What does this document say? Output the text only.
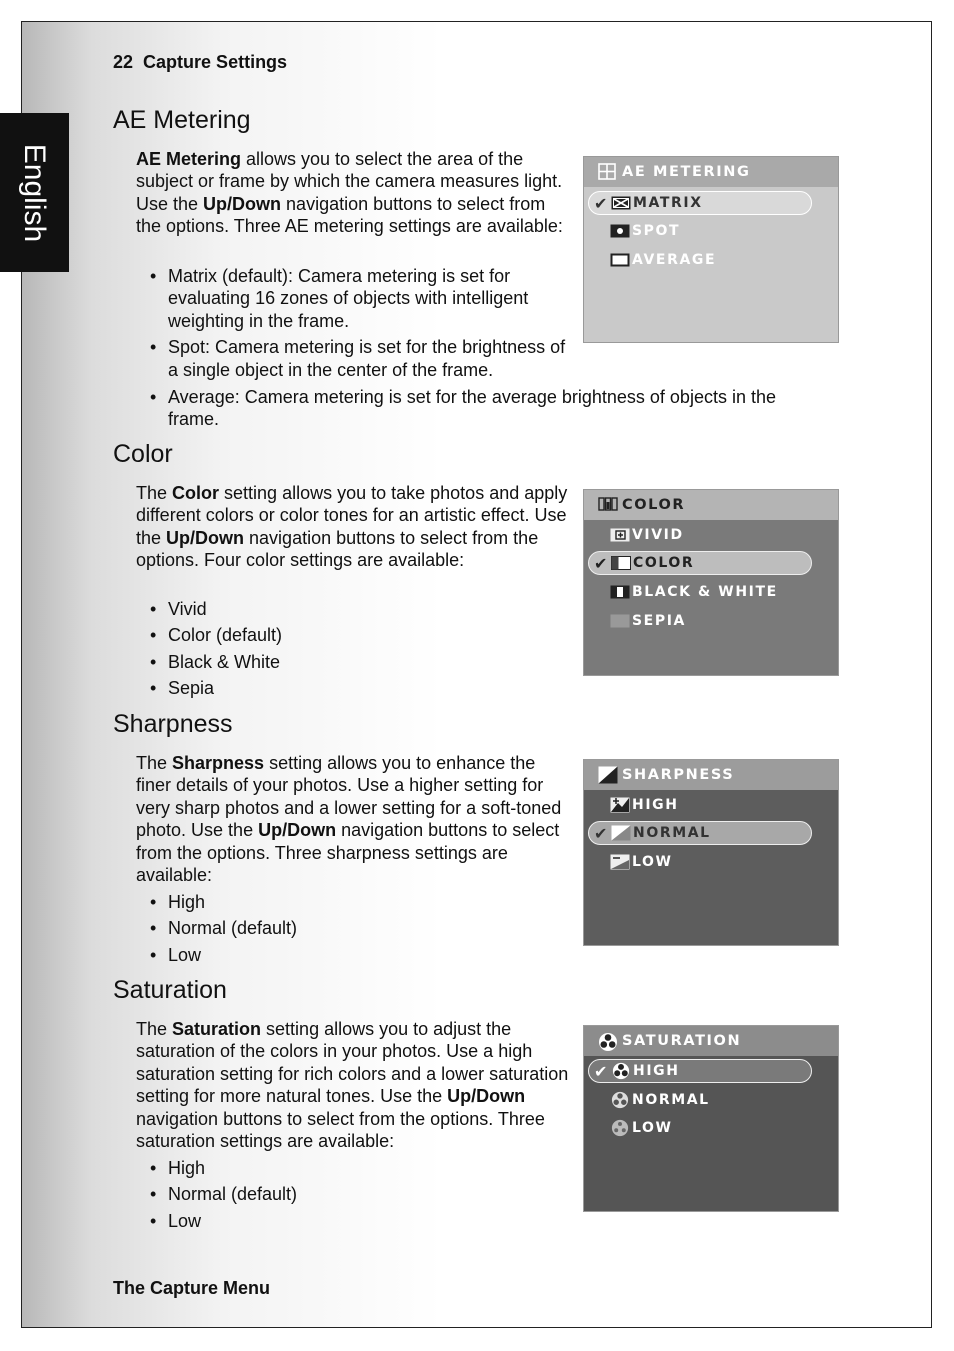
English
22 Capture Settings
AE Metering

AE Metering allows you to select the area of the subject or frame by which the camera measures light. Use the Up/Down navigation buttons to select from the options. Three AE metering settings are available:

• Matrix (default): Camera metering is set for evaluating 16 zones of objects with intelligent weighting in the frame.
• Spot: Camera metering is set for the brightness of a single object in the center of the frame.
• Average: Camera metering is set for the average brightness of objects in the frame.
AE METERING
✔ MATRIX
SPOT
AVERAGE
Color

The Color setting allows you to take photos and apply different colors or color tones for an artistic effect. Use the Up/Down navigation buttons to select from the options. Four color settings are available:

• Vivid
• Color (default)
• Black & White
• Sepia
COLOR
VIVID
✔ COLOR
BLACK & WHITE
SEPIA
Sharpness

The Sharpness setting allows you to enhance the finer details of your photos. Use a higher setting for very sharp photos and a lower setting for a soft-toned photo. Use the Up/Down navigation buttons to select from the options. Three sharpness settings are available:

• High
• Normal (default)
• Low
SHARPNESS
HIGH
✔ NORMAL
LOW
Saturation

The Saturation setting allows you to adjust the saturation of the colors in your photos. Use a high saturation setting for rich colors and a lower saturation setting for more natural tones. Use the Up/Down navigation buttons to select from the options. Three saturation settings are available:

• High
• Normal (default)
• Low
SATURATION
✔ HIGH
NORMAL
LOW
The Capture Menu
